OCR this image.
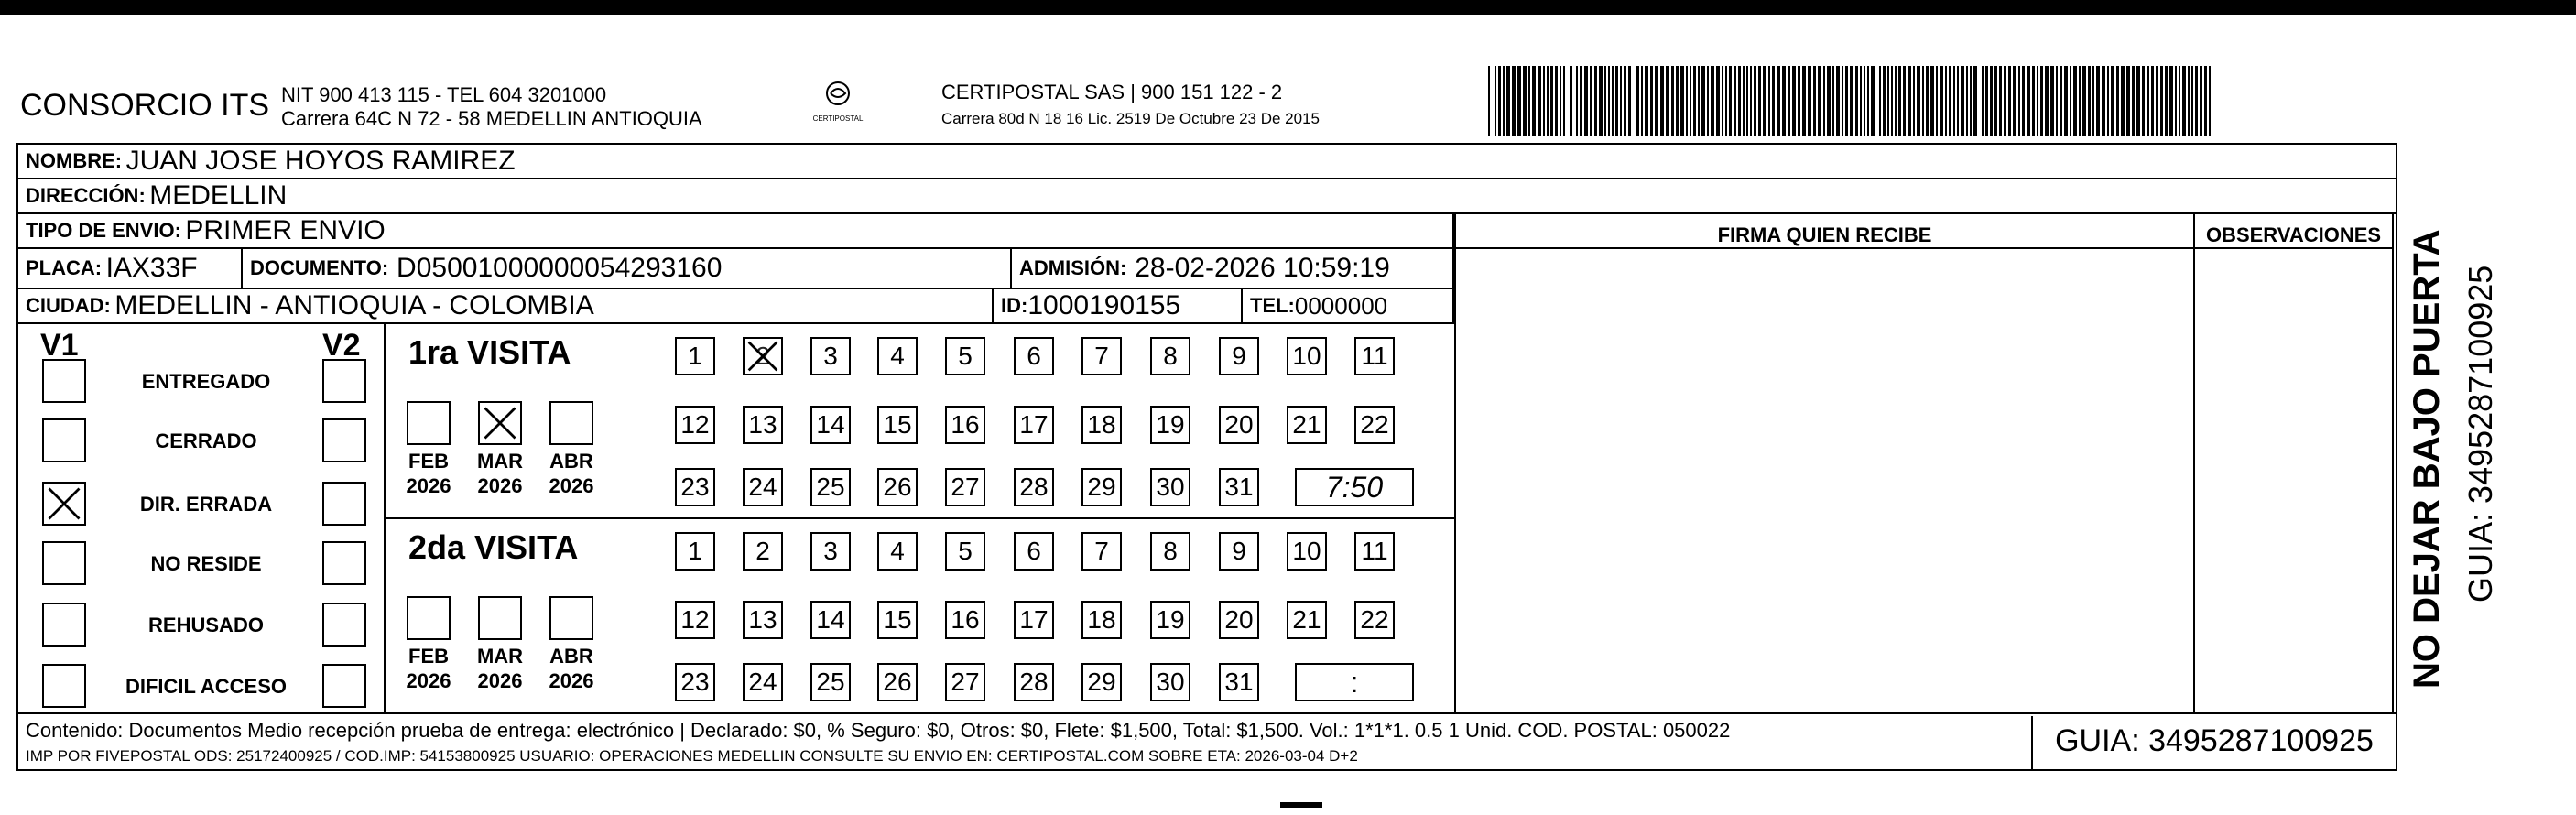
CONSORCIO ITS NIT 900 413 115 - TEL 604 3201000
Carrera 64C N 72 - 58 MEDELLIN ANTIOQUIA	CERTIPOSTAL
CERTIPOSTAL SAS | 900 151 122 - 2
Carrera 80d N 18 16 Lic. 2519 De Octubre 23 De 2015
NOMBRE:
JUAN JOSE HOYOS RAMIREZ
DIRECCIÓN:
MEDELLIN
TIPO DE ENVIO:
PRIMER ENVIO
PLACA:
IAX33F	DOCUMENTO:
D05001000000054293160	ADMISIÓN:
28-02-2026 10:59:19
CIUDAD:
MEDELLIN - ANTIOQUIA - COLOMBIA	ID: 1000190155	TEL: 0000000
FIRMA QUIEN RECIBE	OBSERVACIONES
V1	V2
ENTREGADO
CERRADO
DIR. ERRADA
NO RESIDE
REHUSADO
DIFICIL ACCESO
1ra VISITA
FEB
2026
MAR
2026
ABR
2026
1 2 3 4 5 6 7 8 9 10 11
12 13 14 15 16 17 18 19 20 21 22
23 24 25 26 27 28 29 30 31	7:50
2da VISITA
FEB
2026
MAR
2026
ABR
2026
1 2 3 4 5 6 7 8 9 10 11
12 13 14 15 16 17 18 19 20 21 22
23 24 25 26 27 28 29 30 31	:
Contenido: Documentos Medio recepción prueba de entrega: electrónico | Declarado: $0, % Seguro: $0, Otros: $0, Flete: $1,500, Total: $1,500. Vol.: 1*1*1. 0.5 1 Unid. COD. POSTAL: 050022
IMP POR FIVEPOSTAL ODS: 25172400925 / COD.IMP: 54153800925 USUARIO: OPERACIONES MEDELLIN CONSULTE SU ENVIO EN: CERTIPOSTAL.COM SOBRE ETA: 2026-03-04 D+2	GUIA: 3495287100925
NO DEJAR BAJO PUERTA GUIA: 3495287100925
